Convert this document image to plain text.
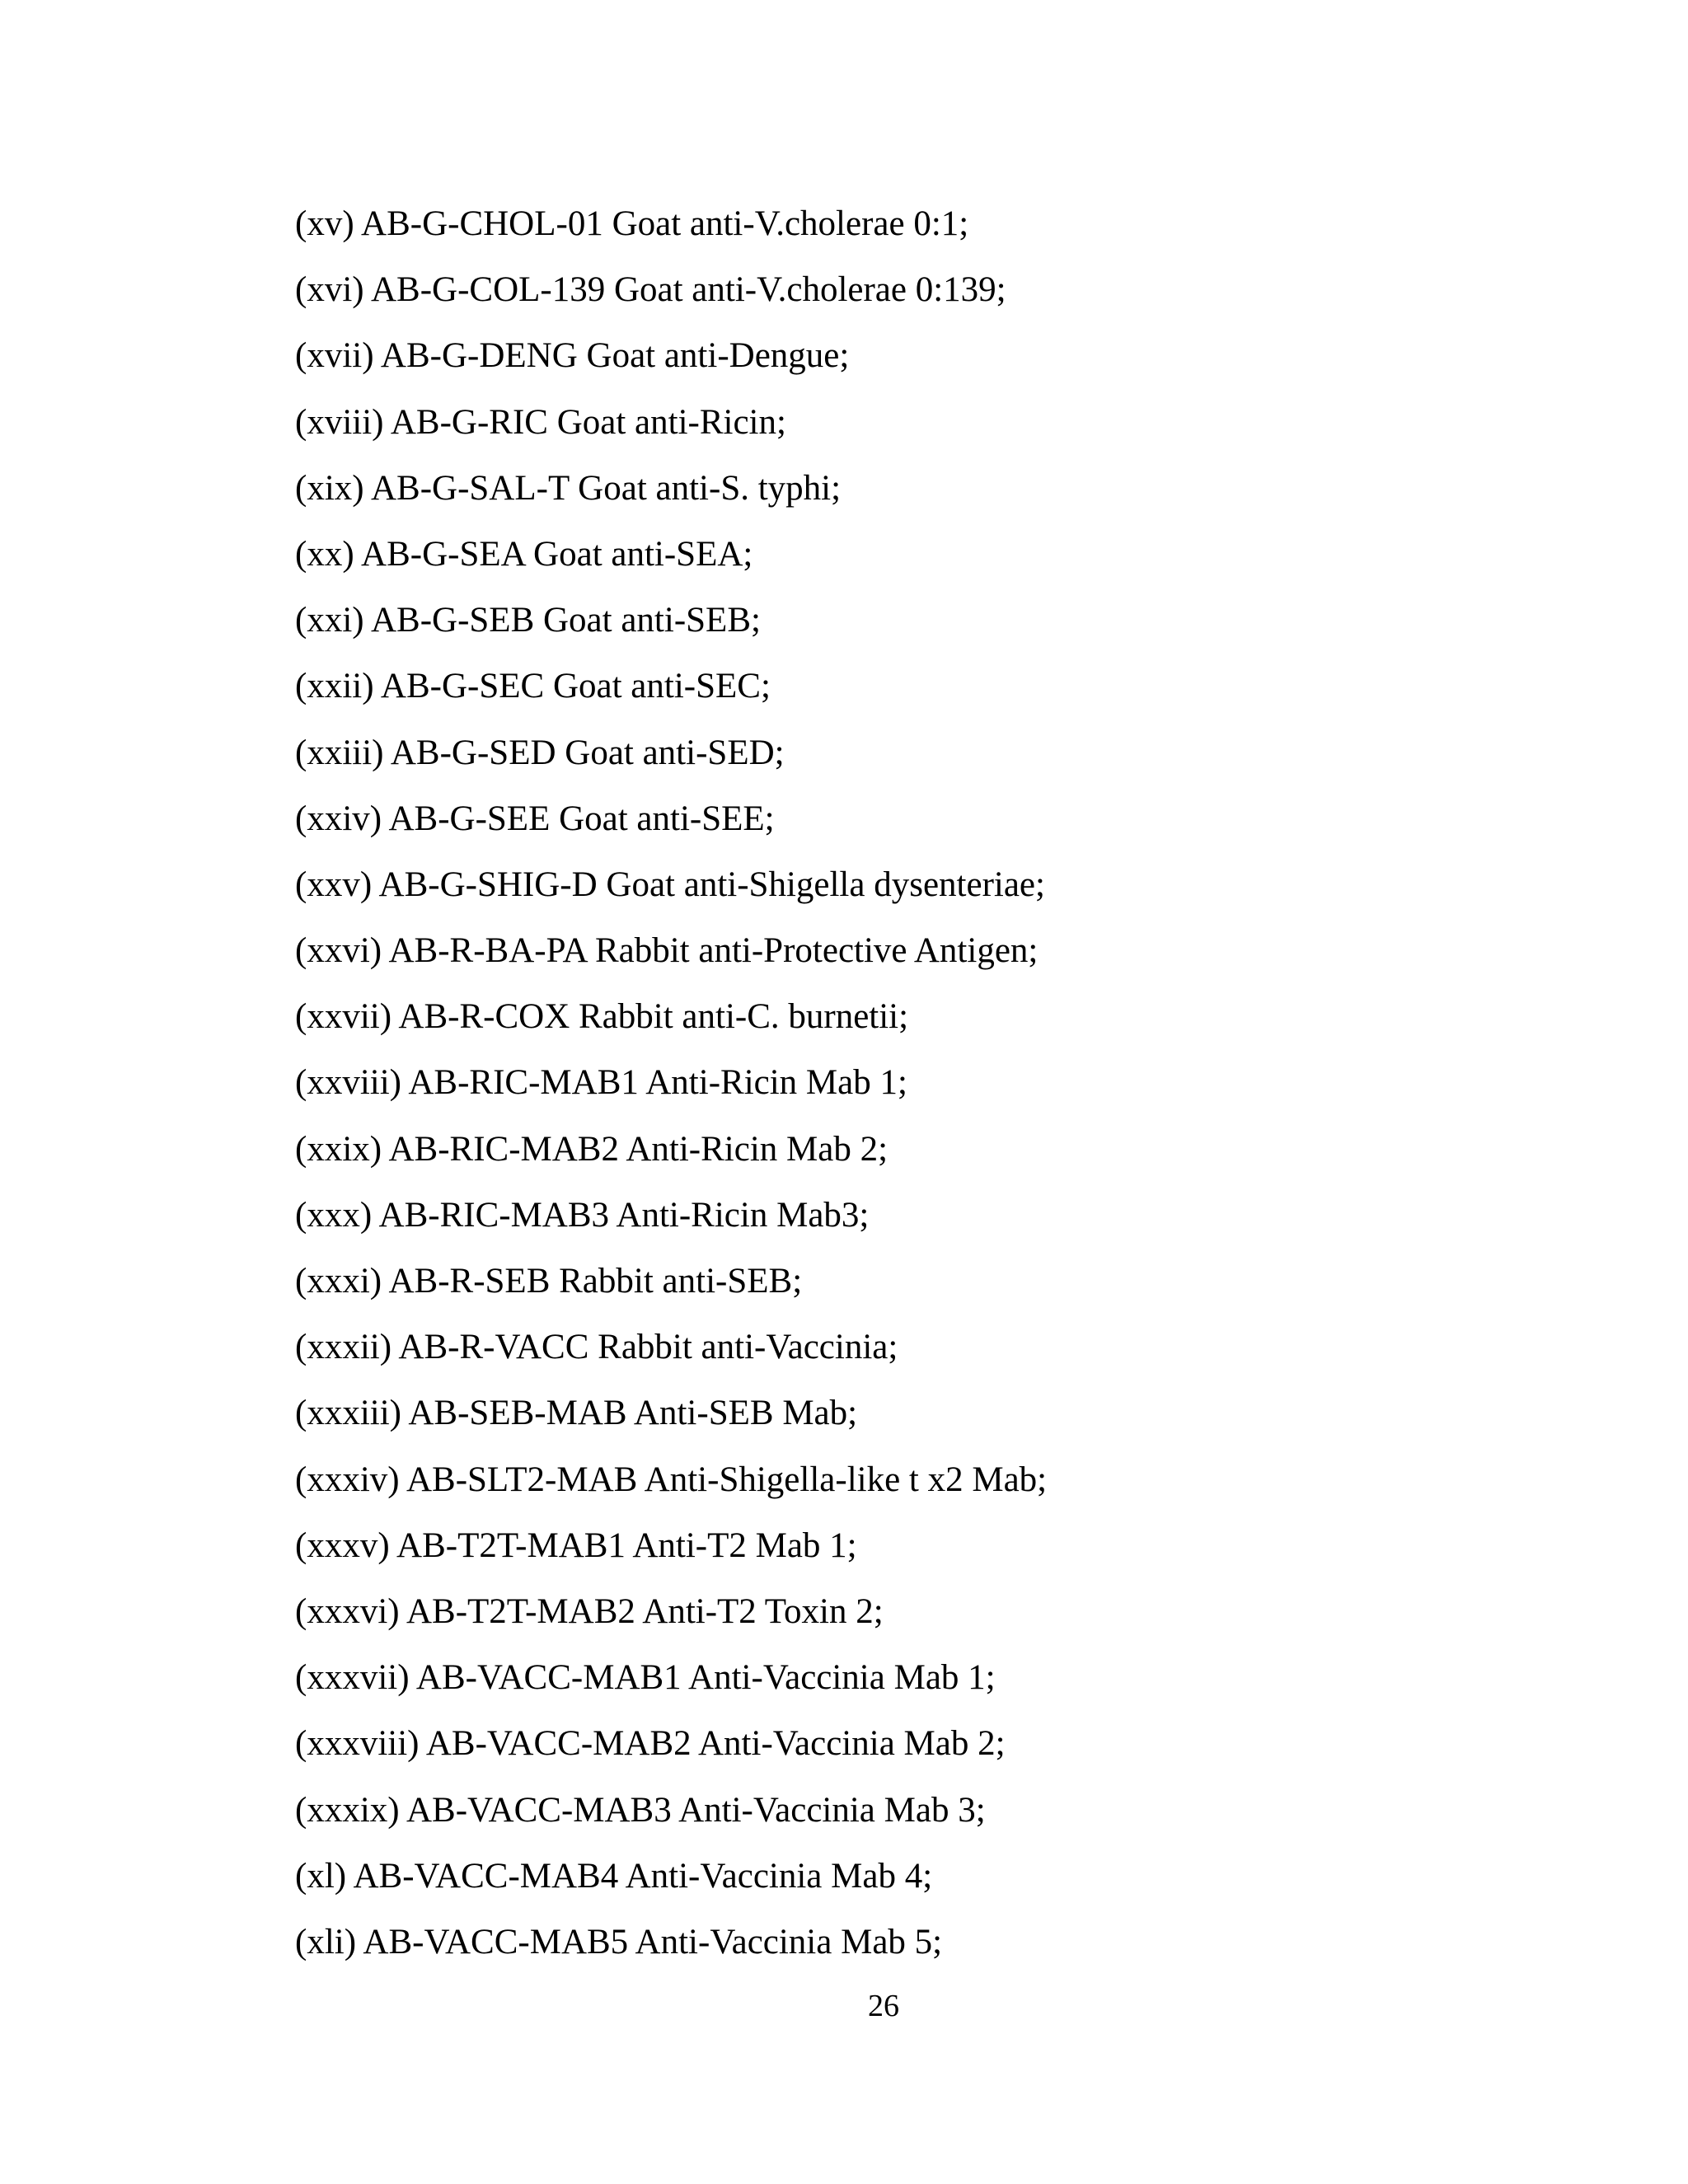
(xv) AB-G-CHOL-01 Goat anti-V.cholerae 0:1;
(xvi) AB-G-COL-139 Goat anti-V.cholerae 0:139;
(xvii) AB-G-DENG Goat anti-Dengue;
(xviii) AB-G-RIC Goat anti-Ricin;
(xix) AB-G-SAL-T Goat anti-S. typhi;
(xx) AB-G-SEA Goat anti-SEA;
(xxi) AB-G-SEB Goat anti-SEB;
(xxii) AB-G-SEC Goat anti-SEC;
(xxiii) AB-G-SED Goat anti-SED;
(xxiv) AB-G-SEE Goat anti-SEE;
(xxv) AB-G-SHIG-D Goat anti-Shigella dysenteriae;
(xxvi) AB-R-BA-PA Rabbit anti-Protective Antigen;
(xxvii) AB-R-COX Rabbit anti-C. burnetii;
(xxviii) AB-RIC-MAB1 Anti-Ricin Mab 1;
(xxix) AB-RIC-MAB2 Anti-Ricin Mab 2;
(xxx) AB-RIC-MAB3 Anti-Ricin Mab3;
(xxxi) AB-R-SEB Rabbit anti-SEB;
(xxxii) AB-R-VACC Rabbit anti-Vaccinia;
(xxxiii) AB-SEB-MAB Anti-SEB Mab;
(xxxiv) AB-SLT2-MAB Anti-Shigella-like t x2 Mab;
(xxxv) AB-T2T-MAB1 Anti-T2 Mab 1;
(xxxvi) AB-T2T-MAB2 Anti-T2 Toxin 2;
(xxxvii) AB-VACC-MAB1 Anti-Vaccinia Mab 1;
(xxxviii) AB-VACC-MAB2 Anti-Vaccinia Mab 2;
(xxxix) AB-VACC-MAB3 Anti-Vaccinia Mab 3;
(xl) AB-VACC-MAB4 Anti-Vaccinia Mab 4;
(xli) AB-VACC-MAB5 Anti-Vaccinia Mab 5;
26
